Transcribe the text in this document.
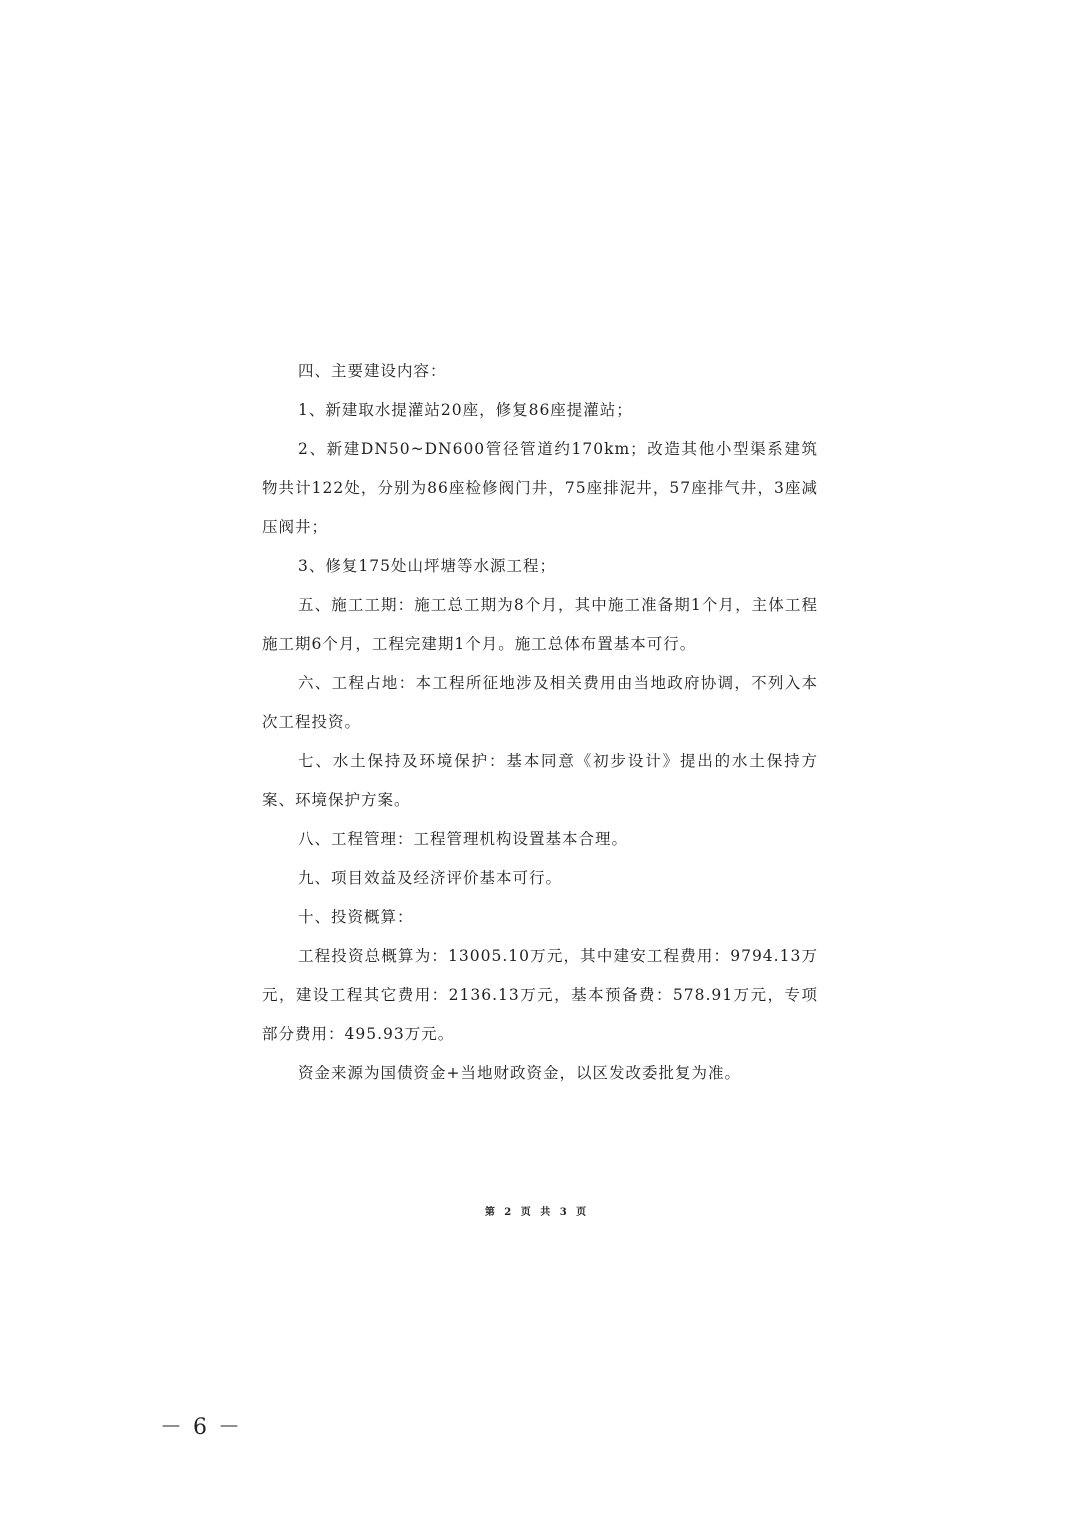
四、主要建设内容：

1、新建取水提灌站20座，修复86座提灌站；

2、新建DN50~DN600管径管道约170km；改造其他小型渠系建筑物共计122处，分别为86座检修阀门井，75座排泥井，57座排气井，3座减压阀井；

3、修复175处山坪塘等水源工程；

五、施工工期：施工总工期为8个月，其中施工准备期1个月，主体工程施工期6个月，工程完建期1个月。施工总体布置基本可行。

六、工程占地：本工程所征地涉及相关费用由当地政府协调，不列入本次工程投资。

七、水土保持及环境保护：基本同意《初步设计》提出的水土保持方案、环境保护方案。

八、工程管理：工程管理机构设置基本合理。

九、项目效益及经济评价基本可行。

十、投资概算：

工程投资总概算为：13005.10万元，其中建安工程费用：9794.13万元，建设工程其它费用：2136.13万元，基本预备费：578.91万元，专项部分费用：495.93万元。

资金来源为国债资金+当地财政资金，以区发改委批复为准。

第 2 页 共 3 页
－ 6 －
